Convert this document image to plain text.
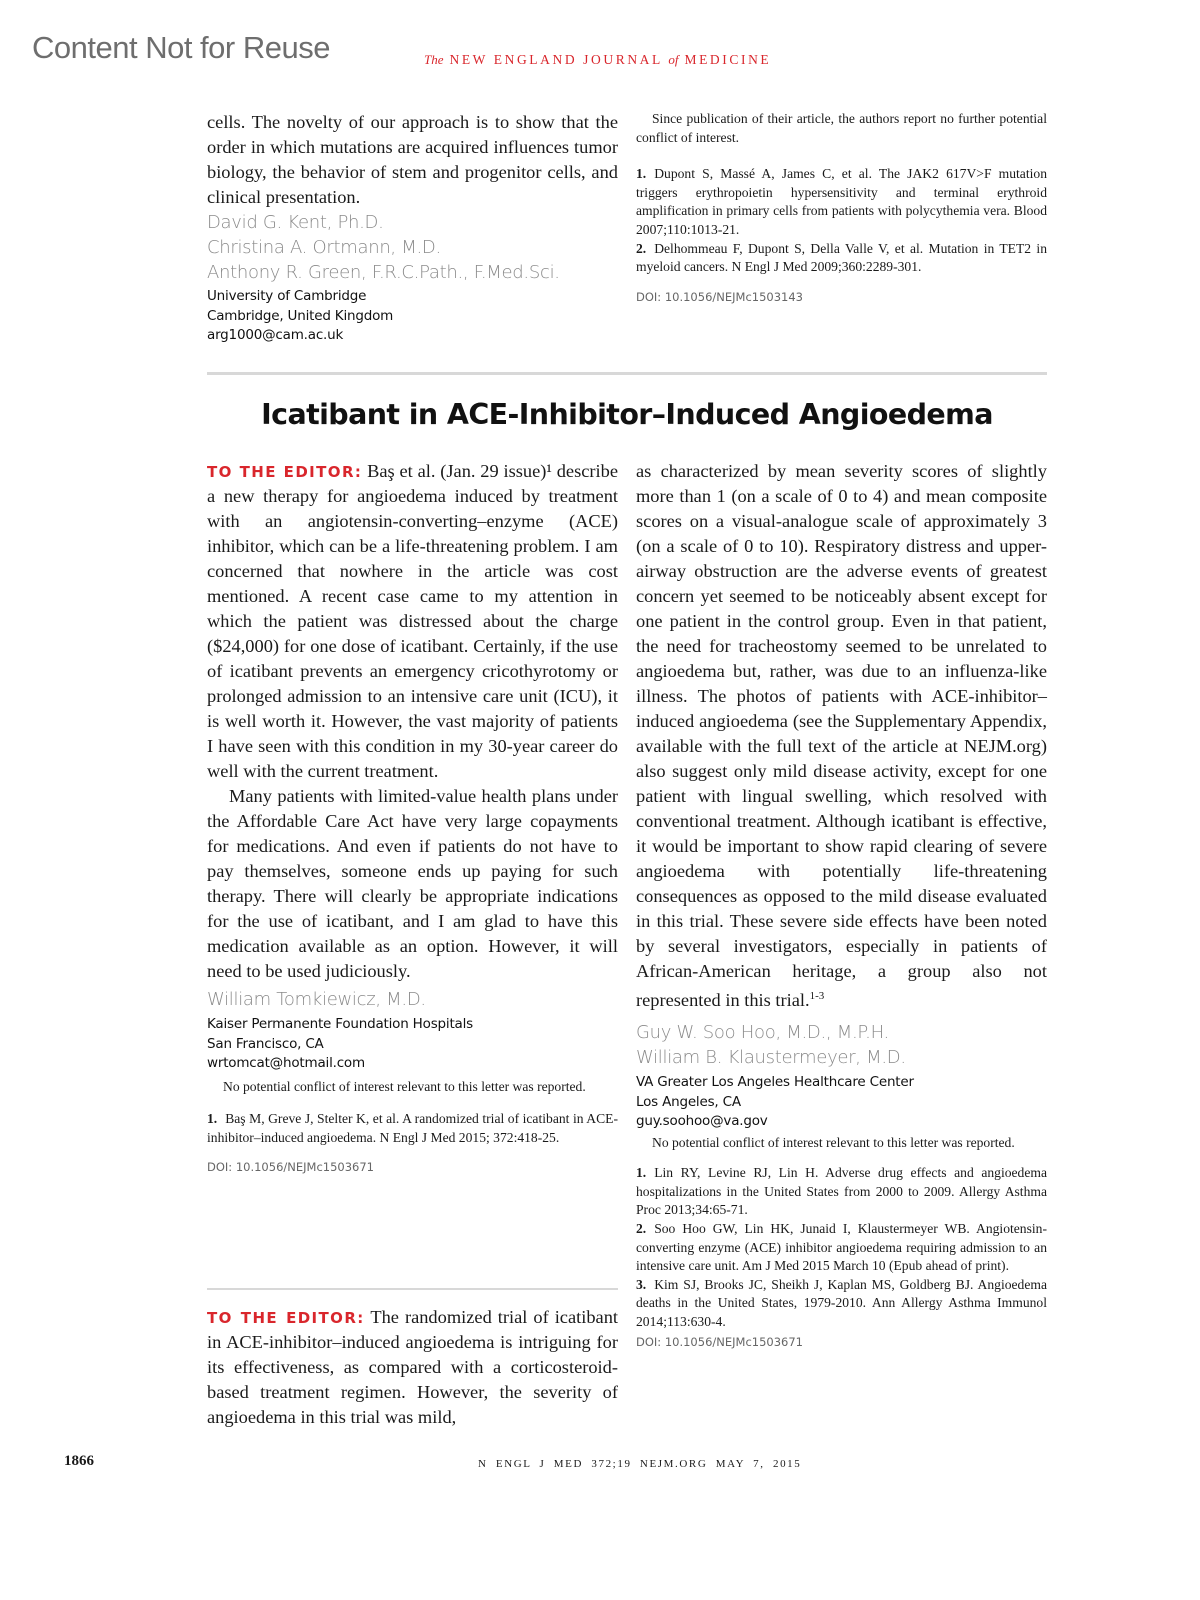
Content Not for Reuse	The NEW ENGLAND JOURNAL of MEDICINE

cells. The novelty of our approach is to show that the order in which mutations are acquired influences tumor biology, the behavior of stem and progenitor cells, and clinical presentation.

David G. Kent, Ph.D.
Christina A. Ortmann, M.D.
Anthony R. Green, F.R.C.Path., F.Med.Sci.
University of Cambridge
Cambridge, United Kingdom
arg1000@cam.ac.uk

Since publication of their article, the authors report no further potential conflict of interest.

1. Dupont S, Massé A, James C, et al. The JAK2 617V>F mutation triggers erythropoietin hypersensitivity and terminal erythroid amplification in primary cells from patients with polycythemia vera. Blood 2007;110:1013-21.

2. Delhommeau F, Dupont S, Della Valle V, et al. Mutation in TET2 in myeloid cancers. N Engl J Med 2009;360:2289-301.

DOI: 10.1056/NEJMc1503143
Icatibant in ACE-Inhibitor–Induced Angioedema

TO THE EDITOR: Baş et al. (Jan. 29 issue)¹ describe a new therapy for angioedema induced by treatment with an angiotensin-converting–enzyme (ACE) inhibitor, which can be a life-threatening problem. I am concerned that nowhere in the article was cost mentioned. A recent case came to my attention in which the patient was distressed about the charge ($24,000) for one dose of icatibant. Certainly, if the use of icatibant prevents an emergency cricothyrotomy or prolonged admission to an intensive care unit (ICU), it is well worth it. However, the vast majority of patients I have seen with this condition in my 30-year career do well with the current treatment.

Many patients with limited-value health plans under the Affordable Care Act have very large copayments for medications. And even if patients do not have to pay themselves, someone ends up paying for such therapy. There will clearly be appropriate indications for the use of icatibant, and I am glad to have this medication available as an option. However, it will need to be used judiciously.

William Tomkiewicz, M.D.
Kaiser Permanente Foundation Hospitals
San Francisco, CA
wrtomcat@hotmail.com

No potential conflict of interest relevant to this letter was reported.

1. Baş M, Greve J, Stelter K, et al. A randomized trial of icatibant in ACE-inhibitor–induced angioedema. N Engl J Med 2015; 372:418-25.

DOI: 10.1056/NEJMc1503671

TO THE EDITOR: The randomized trial of icatibant in ACE-inhibitor–induced angioedema is intriguing for its effectiveness, as compared with a corticosteroid-based treatment regimen. However, the severity of angioedema in this trial was mild,

as characterized by mean severity scores of slightly more than 1 (on a scale of 0 to 4) and mean composite scores on a visual-analogue scale of approximately 3 (on a scale of 0 to 10). Respiratory distress and upper-airway obstruction are the adverse events of greatest concern yet seemed to be noticeably absent except for one patient in the control group. Even in that patient, the need for tracheostomy seemed to be unrelated to angioedema but, rather, was due to an influenza-like illness. The photos of patients with ACE-inhibitor–induced angioedema (see the Supplementary Appendix, available with the full text of the article at NEJM.org) also suggest only mild disease activity, except for one patient with lingual swelling, which resolved with conventional treatment. Although icatibant is effective, it would be important to show rapid clearing of severe angioedema with potentially life-threatening consequences as opposed to the mild disease evaluated in this trial. These severe side effects have been noted by several investigators, especially in patients of African-American heritage, a group also not represented in this trial.$^{1-3}$

Guy W. Soo Hoo, M.D., M.P.H.
William B. Klaustermeyer, M.D.
VA Greater Los Angeles Healthcare Center
Los Angeles, CA
guy.soohoo@va.gov

No potential conflict of interest relevant to this letter was reported.

1. Lin RY, Levine RJ, Lin H. Adverse drug effects and angioedema hospitalizations in the United States from 2000 to 2009. Allergy Asthma Proc 2013;34:65-71.

2. Soo Hoo GW, Lin HK, Junaid I, Klaustermeyer WB. Angiotensin-converting enzyme (ACE) inhibitor angioedema requiring admission to an intensive care unit. Am J Med 2015 March 10 (Epub ahead of print).

3. Kim SJ, Brooks JC, Sheikh J, Kaplan MS, Goldberg BJ. Angioedema deaths in the United States, 1979-2010. Ann Allergy Asthma Immunol 2014;113:630-4.

DOI: 10.1056/NEJMc1503671
1866	N ENGL J MED 372;19 NEJM.ORG MAY 7, 2015
